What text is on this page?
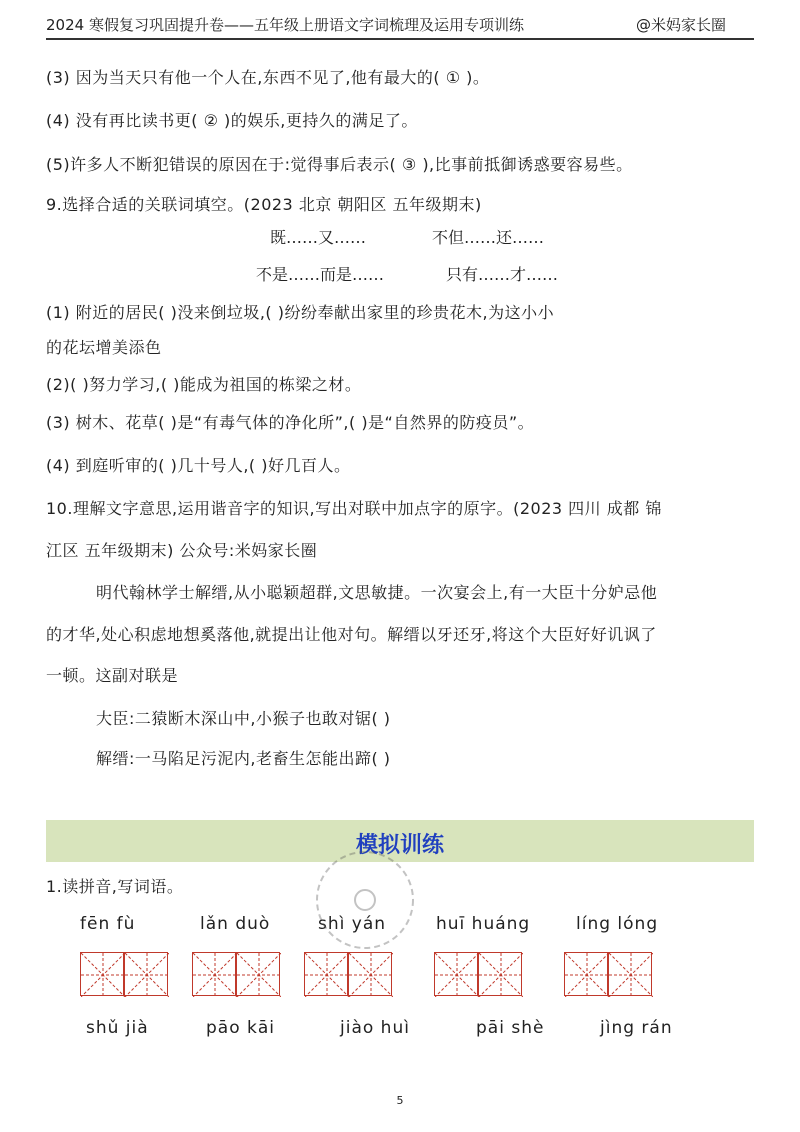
2024 寒假复习巩固提升卷——五年级上册语文字词梳理及运用专项训练	@米妈家长圈
(3) 因为当天只有他一个人在,东西不见了,他有最大的( ① )。
(4) 没有再比读书更( ② )的娱乐,更持久的满足了。
(5)许多人不断犯错误的原因在于:觉得事后表示( ③ ),比事前抵御诱惑要容易些。
9.选择合适的关联词填空。(2023 北京 朝阳区 五年级期末)
既……又……	不但……还……
不是……而是……	只有……才……
(1) 附近的居民( )没来倒垃圾,( )纷纷奉献出家里的珍贵花木,为这小小
的花坛增美添色
(2)( )努力学习,( )能成为祖国的栋梁之材。
(3) 树木、花草( )是“有毒气体的净化所”,( )是“自然界的防疫员”。
(4) 到庭听审的( )几十号人,( )好几百人。
10.理解文字意思,运用谐音字的知识,写出对联中加点字的原字。(2023 四川 成都 锦
江区 五年级期末) 公众号:米妈家长圈
明代翰林学士解缙,从小聪颖超群,文思敏捷。一次宴会上,有一大臣十分妒忌他
的才华,处心积虑地想奚落他,就提出让他对句。解缙以牙还牙,将这个大臣好好讥讽了
一顿。这副对联是
大臣:二猿断木深山中,小猴子也敢对锯( )
解缙:一马陷足污泥内,老畜生怎能出蹄( )
模拟训练
1.读拼音,写词语。
fēn fù	lǎn duò	shì yán	huī huáng	líng lóng
shǔ jià	pāo kāi	jiào huì	pāi shè	jìng rán
5
